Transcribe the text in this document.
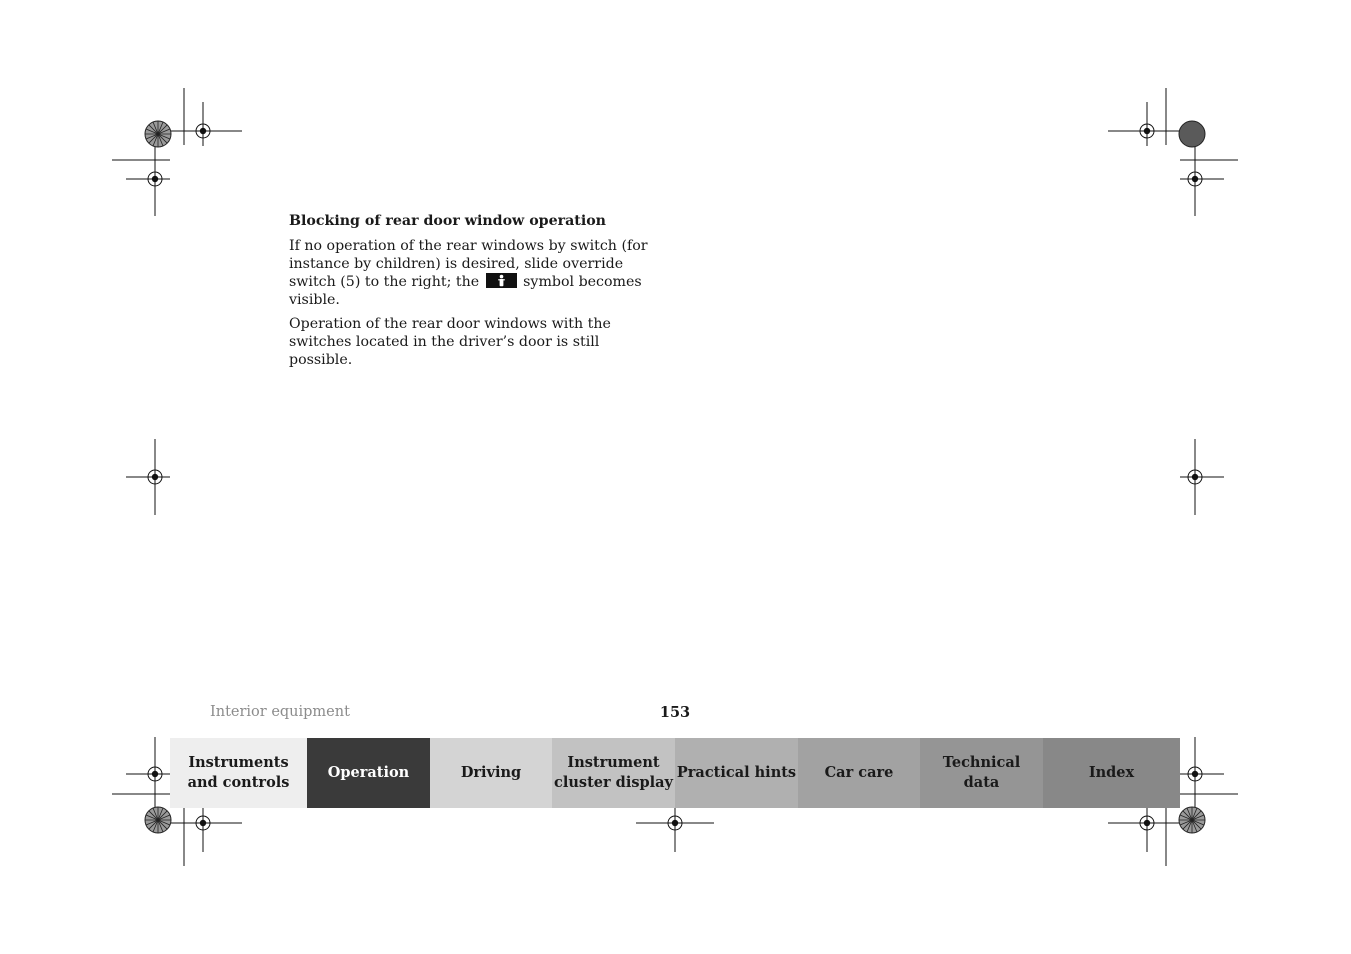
Blocking of rear door window operation
If no operation of the rear windows by switch (for instance by children) is desired, slide override switch (5) to the right; the	symbol becomes visible.
Operation of the rear door windows with the switches located in the driver’s door is still possible.
Interior equipment	153
Instruments
and controls
Operation	Driving
Instrument
cluster display
Practical hints Car care
Technical
data
Index
